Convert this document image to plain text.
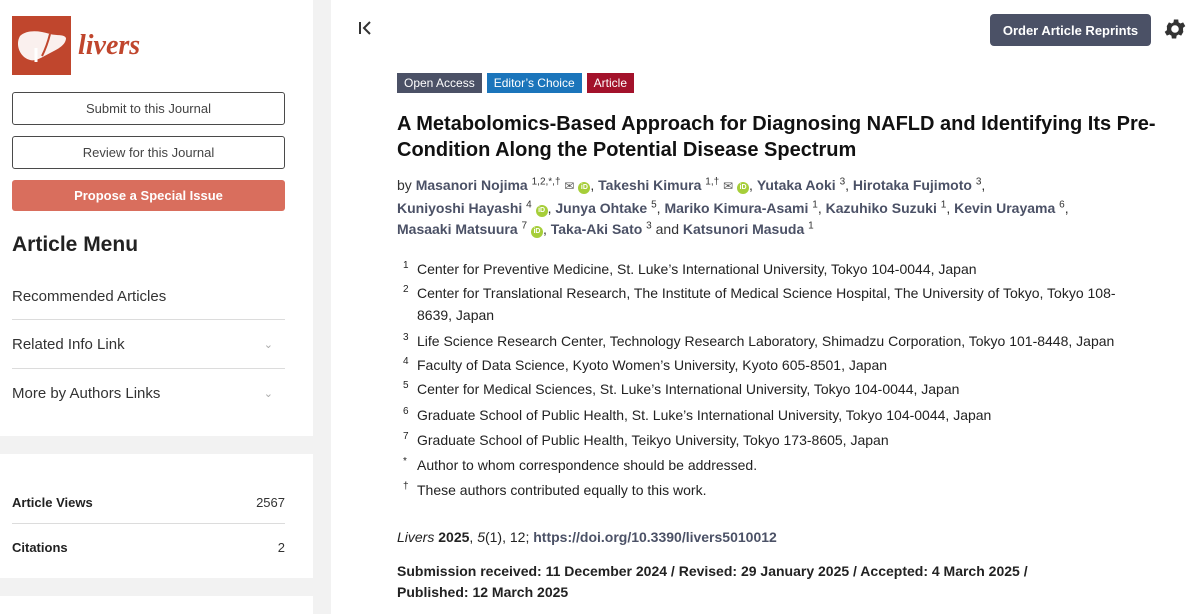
livers
Submit to this Journal
Review for this Journal
Propose a Special Issue
Article Menu
Recommended Articles
Related Info Link	⌄
More by Authors Links	⌄
Article Views	2567
Citations	2
Order Article Reprints
Open Access	Editor’s Choice	Article
A Metabolomics-Based Approach for Diagnosing NAFLD and Identifying Its Pre-Condition Along the Potential Disease Spectrum
by Masanori Nojima $^{1,2,*,\dagger}$ ✉ iD , Takeshi Kimura $^{1,\dagger}$ ✉ iD , Yutaka Aoki $^3$, Hirotaka Fujimoto $^3$,
Kuniyoshi Hayashi $^4$ iD , Junya Ohtake $^5$, Mariko Kimura-Asami $^1$, Kazuhiko Suzuki $^1$, Kevin Urayama $^6$,
Masaaki Matsuura $^7$ iD , Taka-Aki Sato $^3$ and Katsunori Masuda $^1$
1 Center for Preventive Medicine, St. Luke’s International University, Tokyo 104-0044, Japan
2 Center for Translational Research, The Institute of Medical Science Hospital, The University of Tokyo, Tokyo 108-8639, Japan
3 Life Science Research Center, Technology Research Laboratory, Shimadzu Corporation, Tokyo 101-8448, Japan
4 Faculty of Data Science, Kyoto Women’s University, Kyoto 605-8501, Japan
5 Center for Medical Sciences, St. Luke’s International University, Tokyo 104-0044, Japan
6 Graduate School of Public Health, St. Luke’s International University, Tokyo 104-0044, Japan
7 Graduate School of Public Health, Teikyo University, Tokyo 173-8605, Japan
* Author to whom correspondence should be addressed.
† These authors contributed equally to this work.
Livers 2025, 5(1), 12; https://doi.org/10.3390/livers5010012
Submission received: 11 December 2024 / Revised: 29 January 2025 / Accepted: 4 March 2025 / Published: 12 March 2025
